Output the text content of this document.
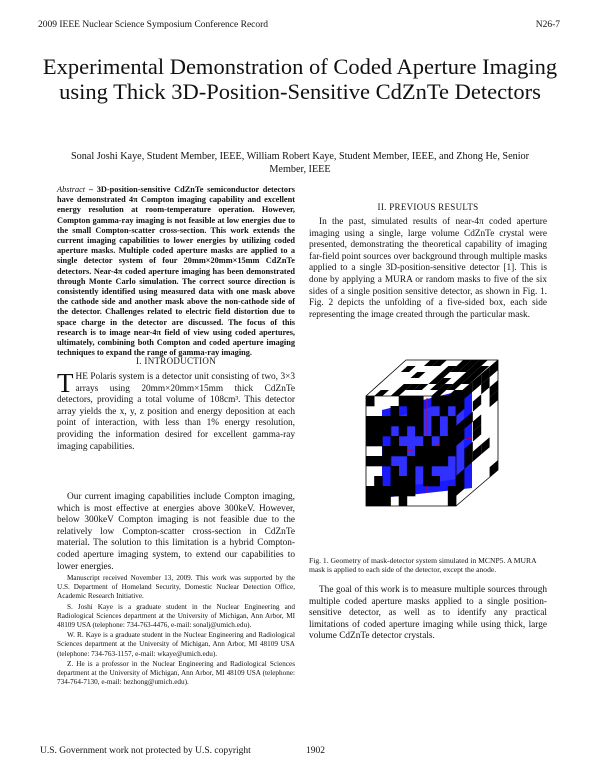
2009 IEEE Nuclear Science Symposium Conference Record	N26-7
Experimental Demonstration of Coded Aperture Imaging using Thick 3D-Position-Sensitive CdZnTe Detectors
Sonal Joshi Kaye, Student Member, IEEE, William Robert Kaye, Student Member, IEEE, and Zhong He, Senior Member, IEEE
Abstract – 3D-position-sensitive CdZnTe semiconductor detectors have demonstrated 4π Compton imaging capability and excellent energy resolution at room-temperature operation. However, Compton gamma-ray imaging is not feasible at low energies due to the small Compton-scatter cross-section. This work extends the current imaging capabilities to lower energies by utilizing coded aperture masks. Multiple coded aperture masks are applied to a single detector system of four 20mm×20mm×15mm CdZnTe detectors. Near-4π coded aperture imaging has been demonstrated through Monte Carlo simulation. The correct source direction is consistently identified using measured data with one mask above the cathode side and another mask above the non-cathode side of the detector. Challenges related to electric field distortion due to space charge in the detector are discussed. The focus of this research is to image near-4π field of view using coded apertures, ultimately, combining both Compton and coded aperture imaging techniques to expand the range of gamma-ray imaging.
I. INTRODUCTION
THE Polaris system is a detector unit consisting of two, 3×3 arrays using 20mm×20mm×15mm thick CdZnTe detectors, providing a total volume of 108cm³. This detector array yields the x, y, z position and energy deposition at each point of interaction, with less than 1% energy resolution, providing the information desired for excellent gamma-ray imaging capabilities.
Our current imaging capabilities include Compton imaging, which is most effective at energies above 300keV. However, below 300keV Compton imaging is not feasible due to the relatively low Compton-scatter cross-section in CdZnTe material. The solution to this limitation is a hybrid Compton-coded aperture imaging system, to extend our capabilities to lower energies.

Manuscript received November 13, 2009. This work was supported by the U.S. Department of Homeland Security, Domestic Nuclear Detection Office, Academic Research Initiative.

S. Joshi Kaye is a graduate student in the Nuclear Engineering and Radiological Sciences department at the University of Michigan, Ann Arbor, MI 48109 USA (telephone: 734-763-4476, e-mail: sonalj@umich.edu).

W. R. Kaye is a graduate student in the Nuclear Engineering and Radiological Sciences department at the University of Michigan, Ann Arbor, MI 48109 USA (telephone: 734-763-1157, e-mail: wkaye@umich.edu).

Z. He is a professor in the Nuclear Engineering and Radiological Sciences department at the University of Michigan, Ann Arbor, MI 48109 USA (telephone: 734-764-7130, e-mail: hezhong@umich.edu).

II. PREVIOUS RESULTS
In the past, simulated results of near-4π coded aperture imaging using a single, large volume CdZnTe crystal were presented, demonstrating the theoretical capability of imaging far-field point sources over background through multiple masks applied to a single 3D-position-sensitive detector [1]. This is done by applying a MURA or random masks to five of the six sides of a single position sensitive detector, as shown in Fig. 1. Fig. 2 depicts the unfolding of a five-sided box, each side representing the image created through the particular mask.
Fig. 1. Geometry of mask-detector system simulated in MCNP5. A MURA mask is applied to each side of the detector, except the anode.
The goal of this work is to measure multiple sources through multiple coded aperture masks applied to a single position-sensitive detector, as well as to identify any practical limitations of coded aperture imaging while using thick, large volume CdZnTe detector crystals.
U.S. Government work not protected by U.S. copyright	1902
